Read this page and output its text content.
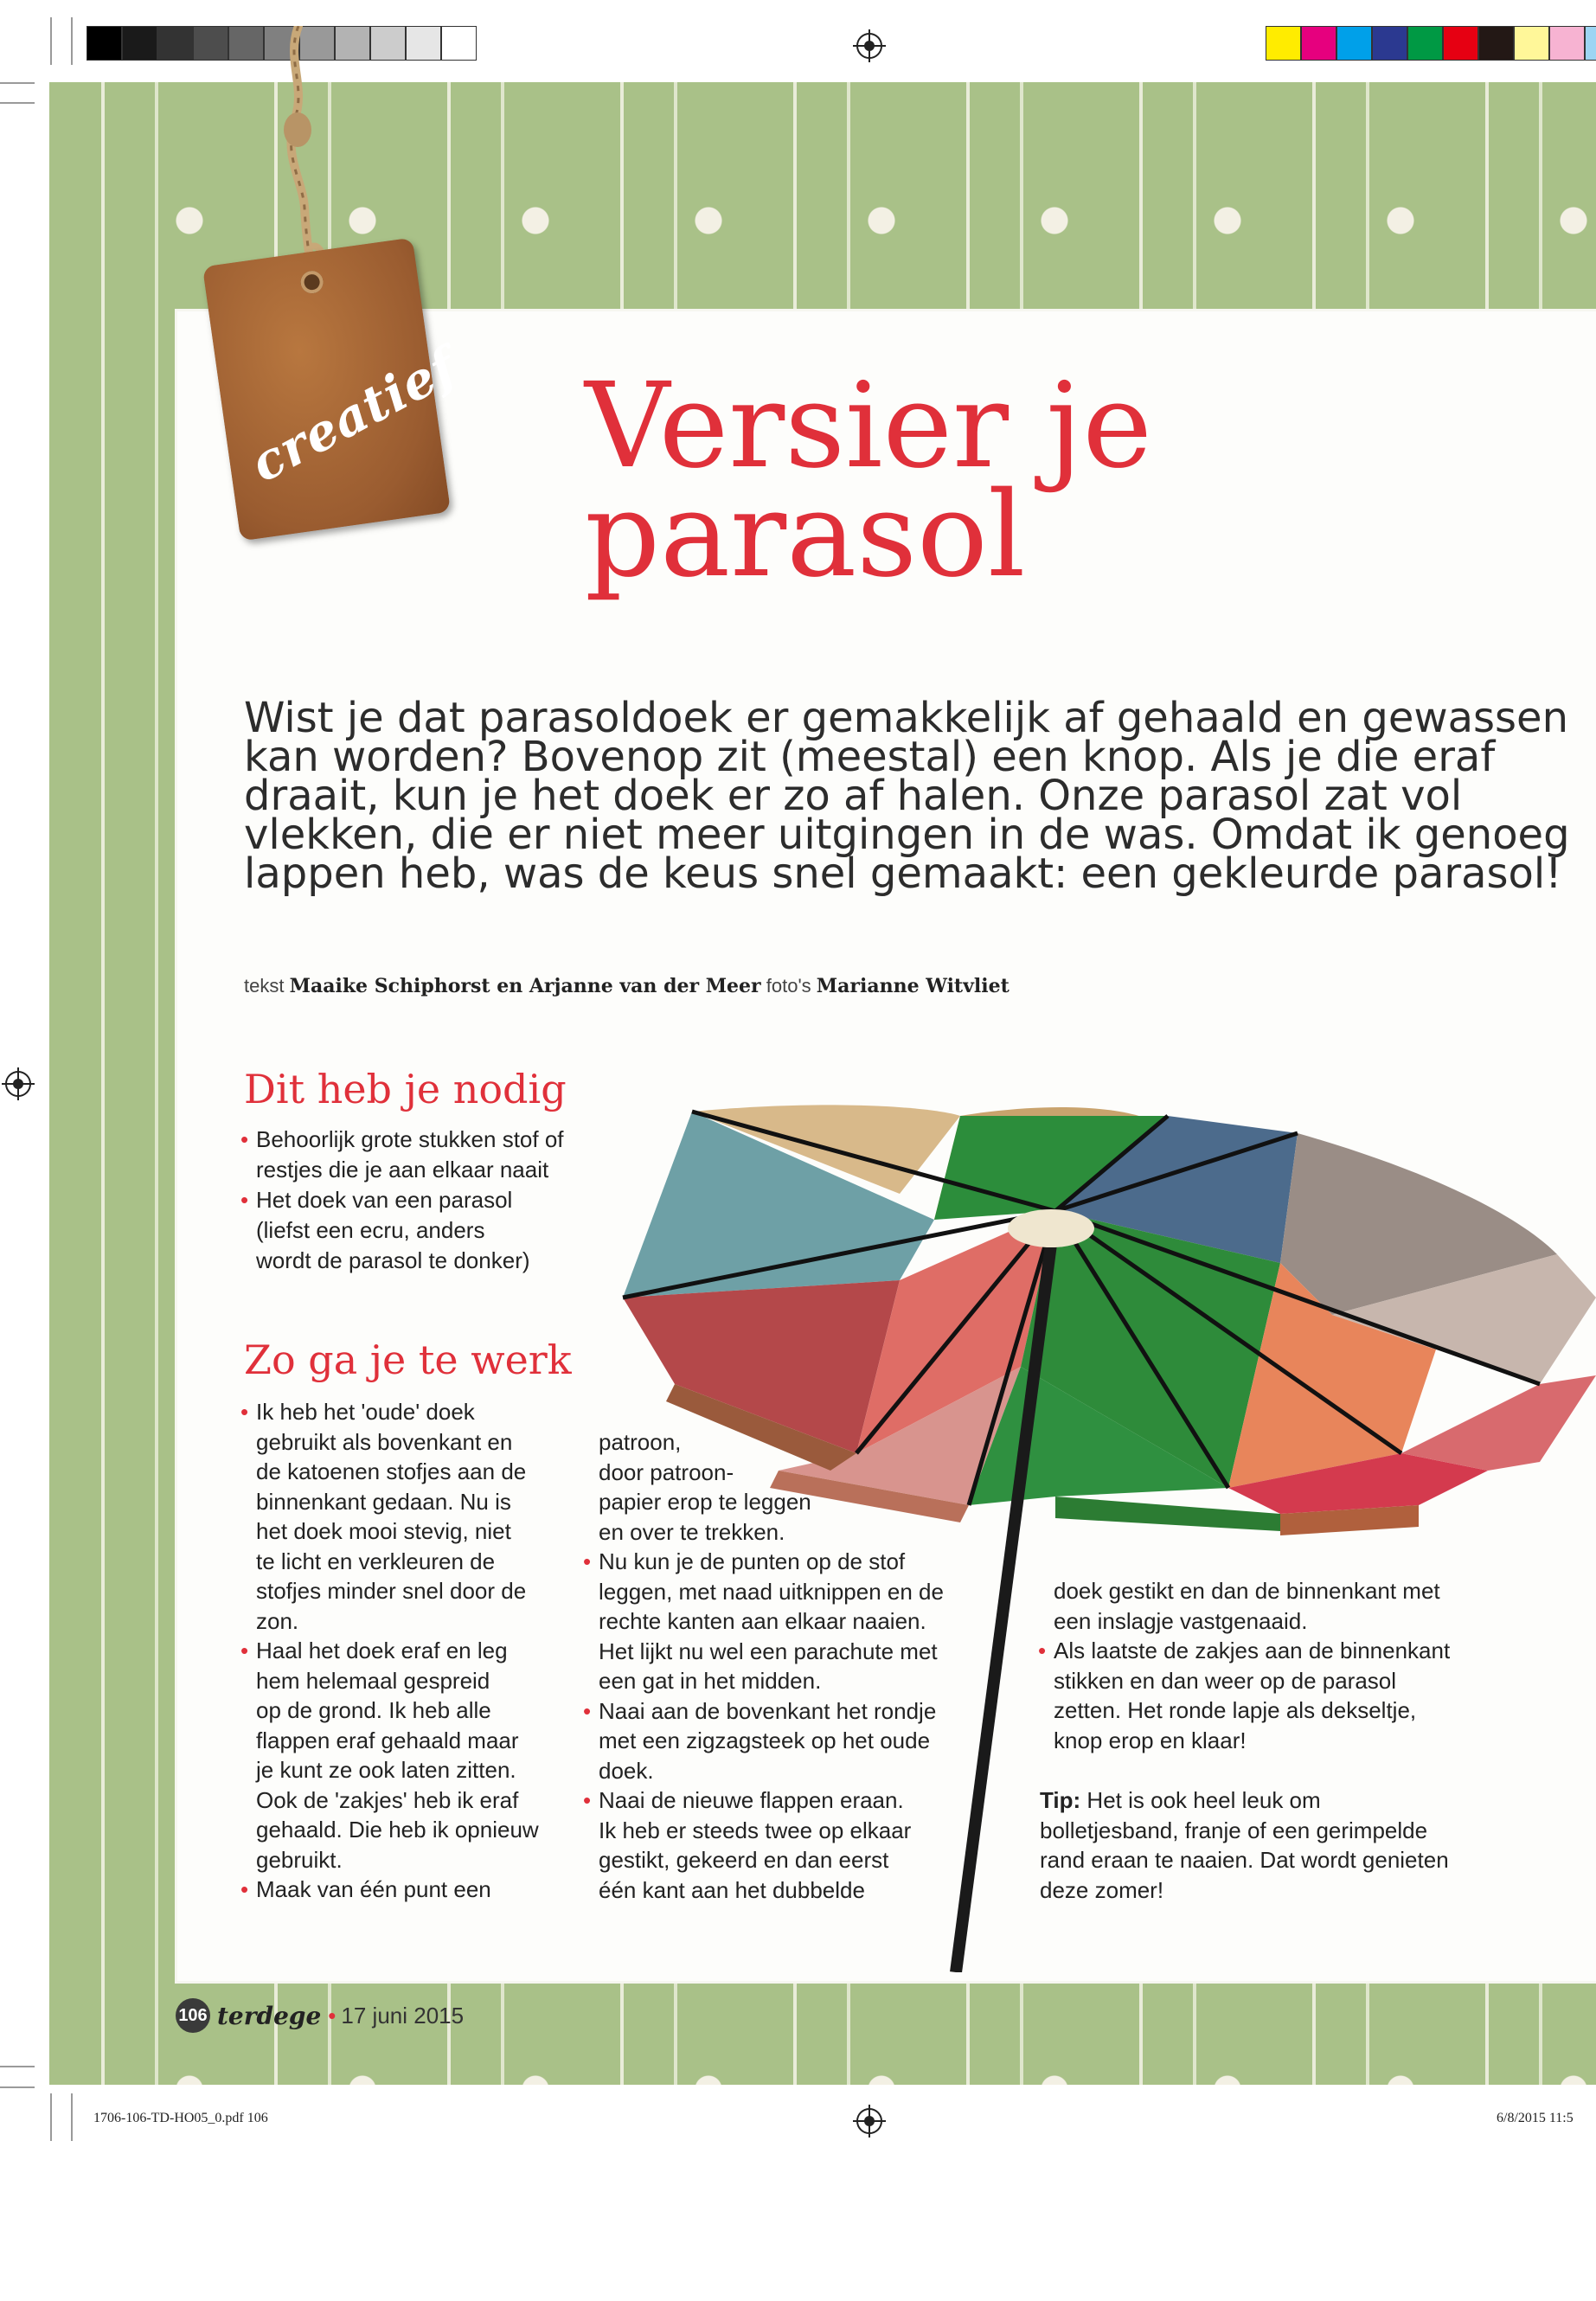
creatief Versier je
parasol

Wist je dat parasoldoek er gemakkelijk af gehaald en gewassen kan worden? Bovenop zit (meestal) een knop. Als je die eraf draait, kun je het doek er zo af halen. Onze parasol zat vol vlekken, die er niet meer uitgingen in de was. Omdat ik genoeg lappen heb, was de keus snel gemaakt: een gekleurde parasol!

tekst Maaike Schiphorst en Arjanne van der Meer foto's Marianne Witvliet
Dit heb je nodig
• Behoorlijk grote stukken stof of
restjes die je aan elkaar naait
• Het doek van een parasol
(liefst een ecru, anders
wordt de parasol te donker)
Zo ga je te werk

• Ik heb het 'oude' doek

gebruikt als bovenkant en

de katoenen stofjes aan de

binnenkant gedaan. Nu is

het doek mooi stevig, niet

te licht en verkleuren de

stofjes minder snel door de

zon.

• Haal het doek eraf en leg

hem helemaal gespreid

op de grond. Ik heb alle

flappen eraf gehaald maar

je kunt ze ook laten zitten.

Ook de 'zakjes' heb ik eraf

gehaald. Die heb ik opnieuw

gebruikt.

• Maak van één punt een

patroon,

door patroon-

papier erop te leggen

en over te trekken.

• Nu kun je de punten op de stof

leggen, met naad uitknippen en de

rechte kanten aan elkaar naaien.

Het lijkt nu wel een parachute met

een gat in het midden.

• Naai aan de bovenkant het rondje

met een zigzagsteek op het oude

doek.

• Naai de nieuwe flappen eraan.

Ik heb er steeds twee op elkaar

gestikt, gekeerd en dan eerst

één kant aan het dubbelde

doek gestikt en dan de binnenkant met

een inslagje vastgenaaid.

• Als laatste de zakjes aan de binnenkant

stikken en dan weer op de parasol

zetten. Het ronde lapje als dekseltje,

knop erop en klaar!

Tip: Het is ook heel leuk om
bolletjesband, franje of een gerimpelde
rand eraan te naaien. Dat wordt genieten
deze zomer!
106 terdege • 17 juni 2015
1706-106-TD-HO05_0.pdf 106	6/8/2015 11:5
